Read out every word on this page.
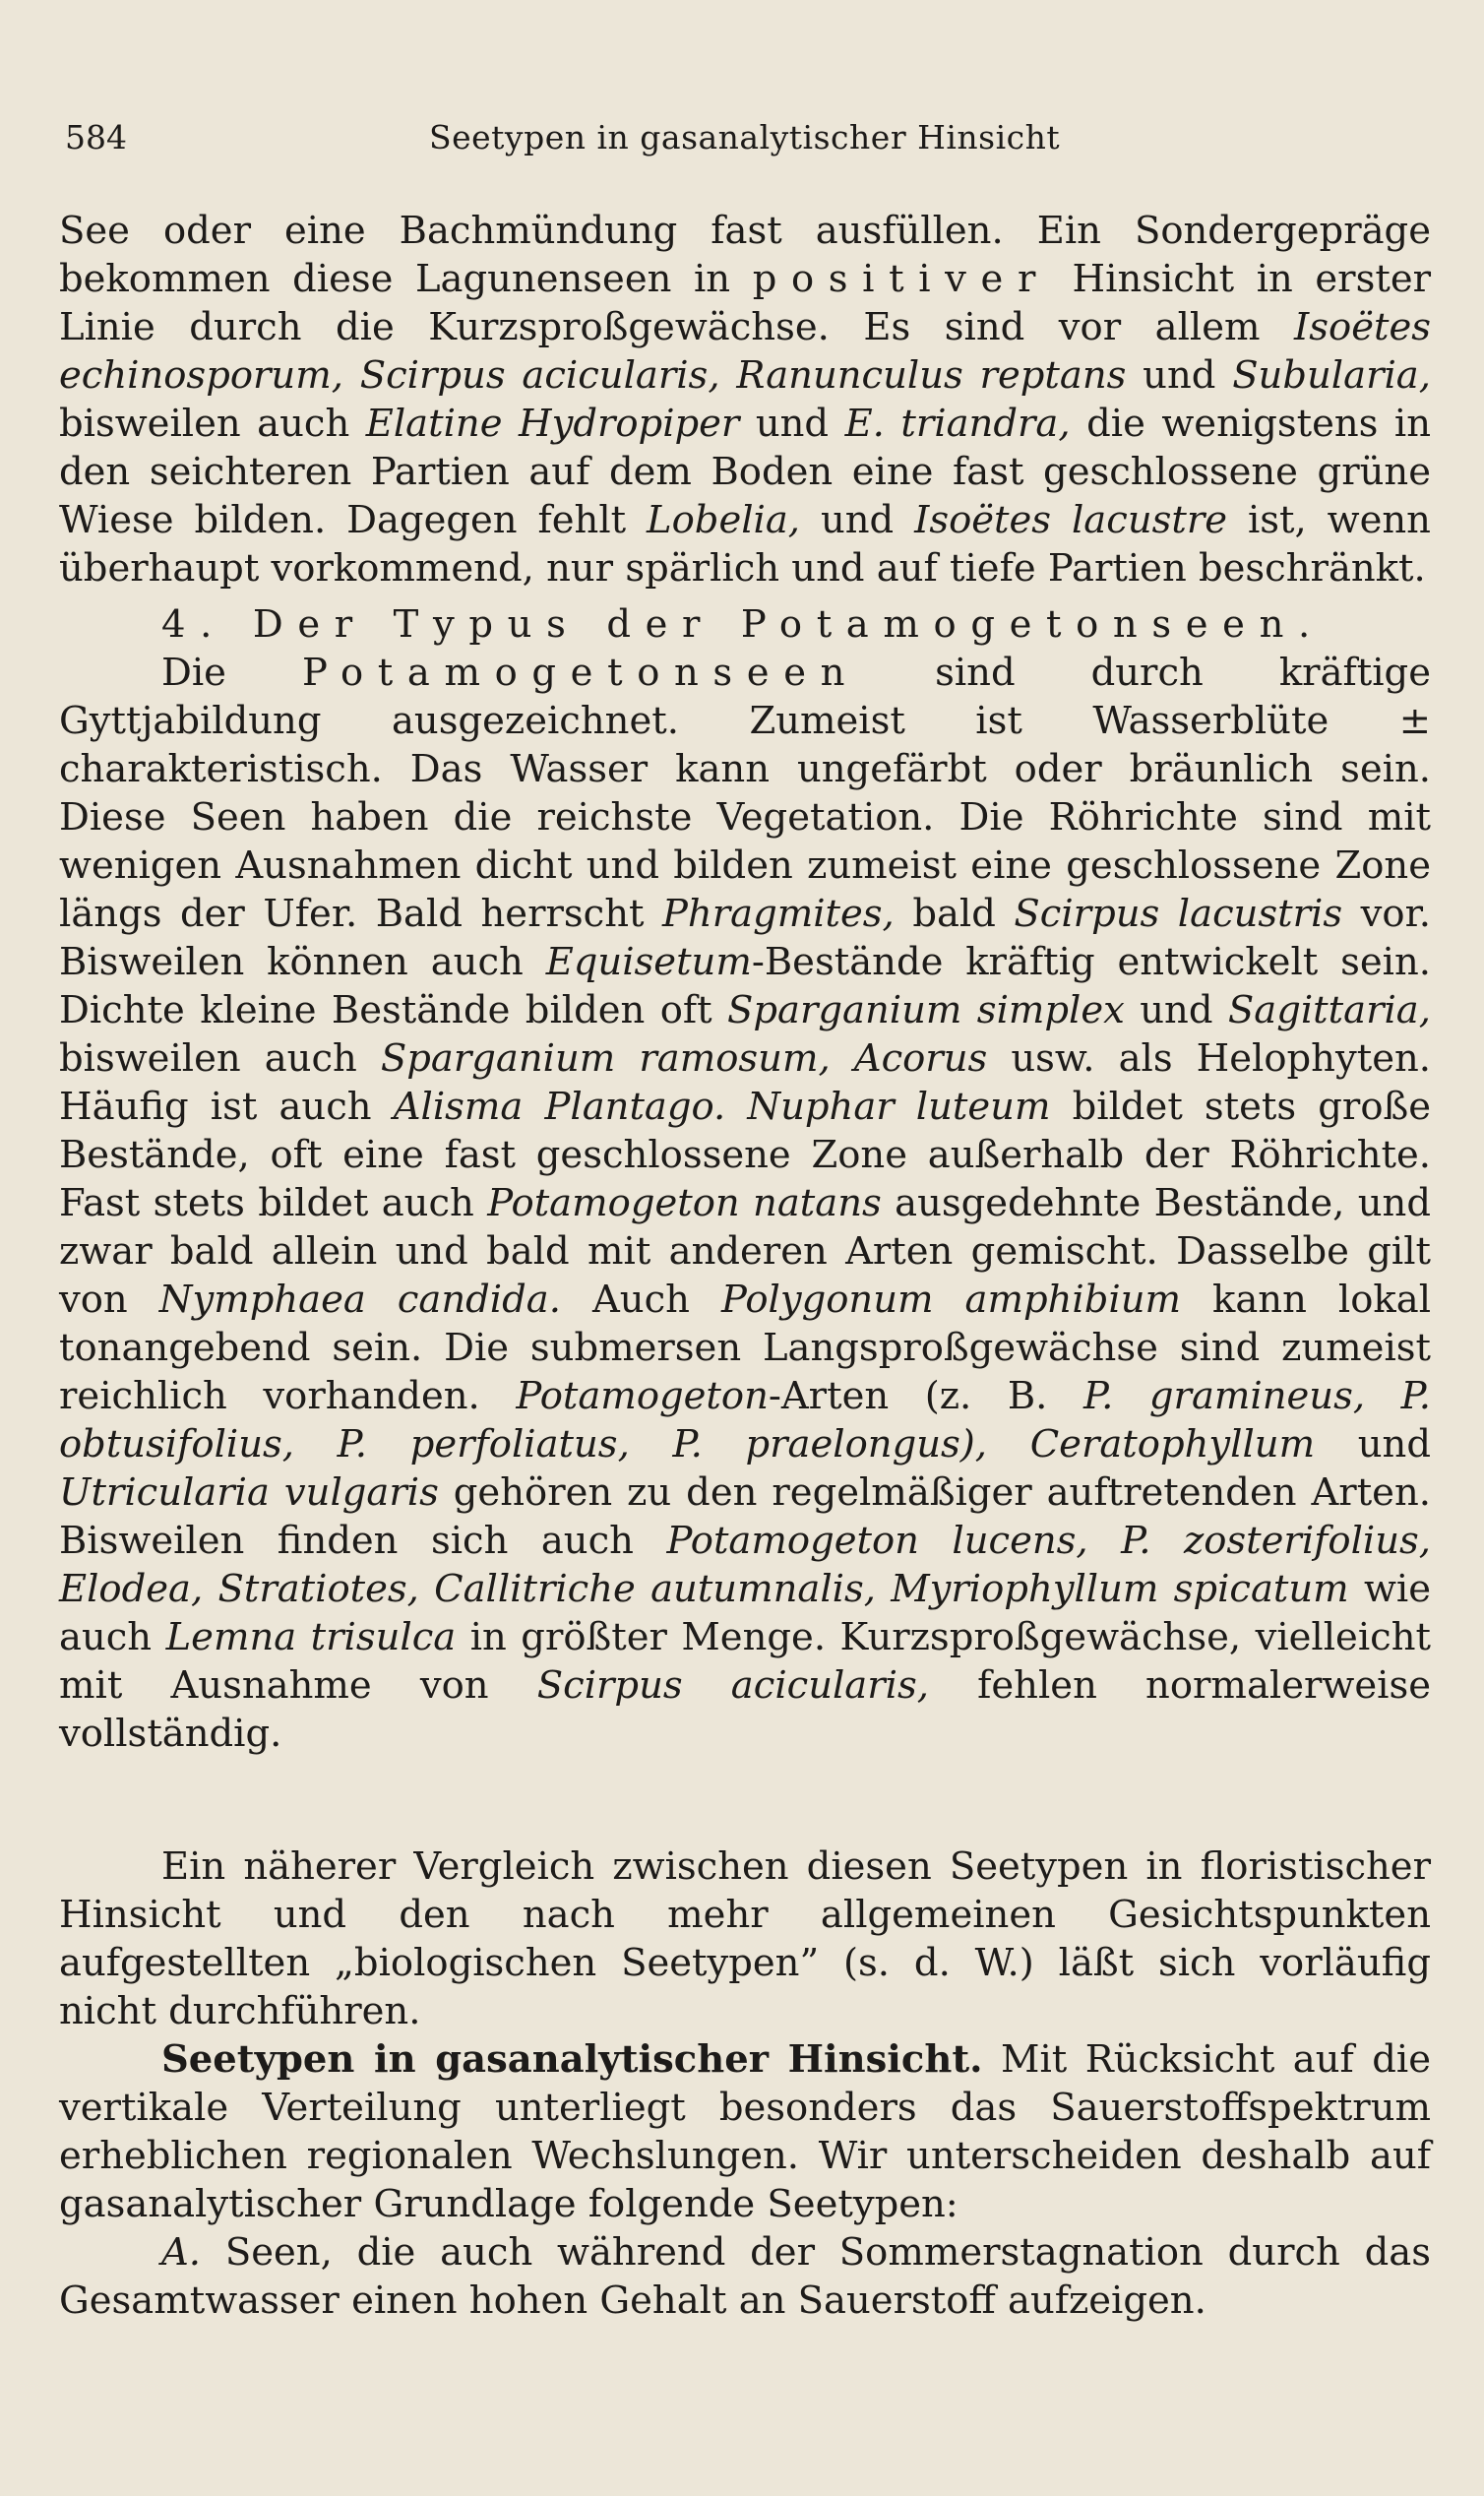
584	Seetypen in gasanalytischer Hinsicht

See oder eine Bachmündung fast ausfüllen. Ein Sondergepräge bekommen diese Lagunenseen in positiver Hinsicht in erster Linie durch die Kurzsproßgewächse. Es sind vor allem Isoëtes echinosporum, Scirpus acicularis, Ranunculus reptans und Subularia, bisweilen auch Elatine Hydropiper und E. triandra, die wenigstens in den seichteren Partien auf dem Boden eine fast geschlossene grüne Wiese bilden. Dagegen fehlt Lobelia, und Isoëtes lacustre ist, wenn überhaupt vorkommend, nur spärlich und auf tiefe Partien beschränkt.

4. Der Typus der Potamogetonseen.

Die Potamogetonseen sind durch kräftige Gyttjabildung ausgezeichnet. Zumeist ist Wasserblüte ± charakteristisch. Das Wasser kann ungefärbt oder bräunlich sein. Diese Seen haben die reichste Vegetation. Die Röhrichte sind mit wenigen Ausnahmen dicht und bilden zumeist eine geschlossene Zone längs der Ufer. Bald herrscht Phragmites, bald Scirpus lacustris vor. Bisweilen können auch Equisetum-Bestände kräftig entwickelt sein. Dichte kleine Bestände bilden oft Sparganium simplex und Sagittaria, bisweilen auch Sparganium ramosum, Acorus usw. als Helophyten. Häufig ist auch Alisma Plantago. Nuphar luteum bildet stets große Bestände, oft eine fast geschlossene Zone außerhalb der Röhrichte. Fast stets bildet auch Potamogeton natans ausgedehnte Bestände, und zwar bald allein und bald mit anderen Arten gemischt. Dasselbe gilt von Nymphaea candida. Auch Polygonum amphibium kann lokal tonangebend sein. Die submersen Langsproßgewächse sind zumeist reichlich vorhanden. Potamogeton-Arten (z. B. P. gramineus, P. obtusifolius, P. perfoliatus, P. praelongus), Ceratophyllum und Utricularia vulgaris gehören zu den regelmäßiger auftretenden Arten. Bisweilen finden sich auch Potamogeton lucens, P. zosterifolius, Elodea, Stratiotes, Callitriche autumnalis, Myriophyllum spicatum wie auch Lemna trisulca in größter Menge. Kurzsproßgewächse, vielleicht mit Ausnahme von Scirpus acicularis, fehlen normalerweise vollständig.

Ein näherer Vergleich zwischen diesen Seetypen in floristischer Hinsicht und den nach mehr allgemeinen Gesichtspunkten aufgestellten „biologischen Seetypen” (s. d. W.) läßt sich vorläufig nicht durchführen.

Seetypen in gasanalytischer Hinsicht. Mit Rücksicht auf die vertikale Verteilung unterliegt besonders das Sauerstoffspektrum erheblichen regionalen Wechslungen. Wir unterscheiden deshalb auf gasanalytischer Grundlage folgende Seetypen:

A. Seen, die auch während der Sommerstagnation durch das Gesamtwasser einen hohen Gehalt an Sauerstoff aufzeigen.
